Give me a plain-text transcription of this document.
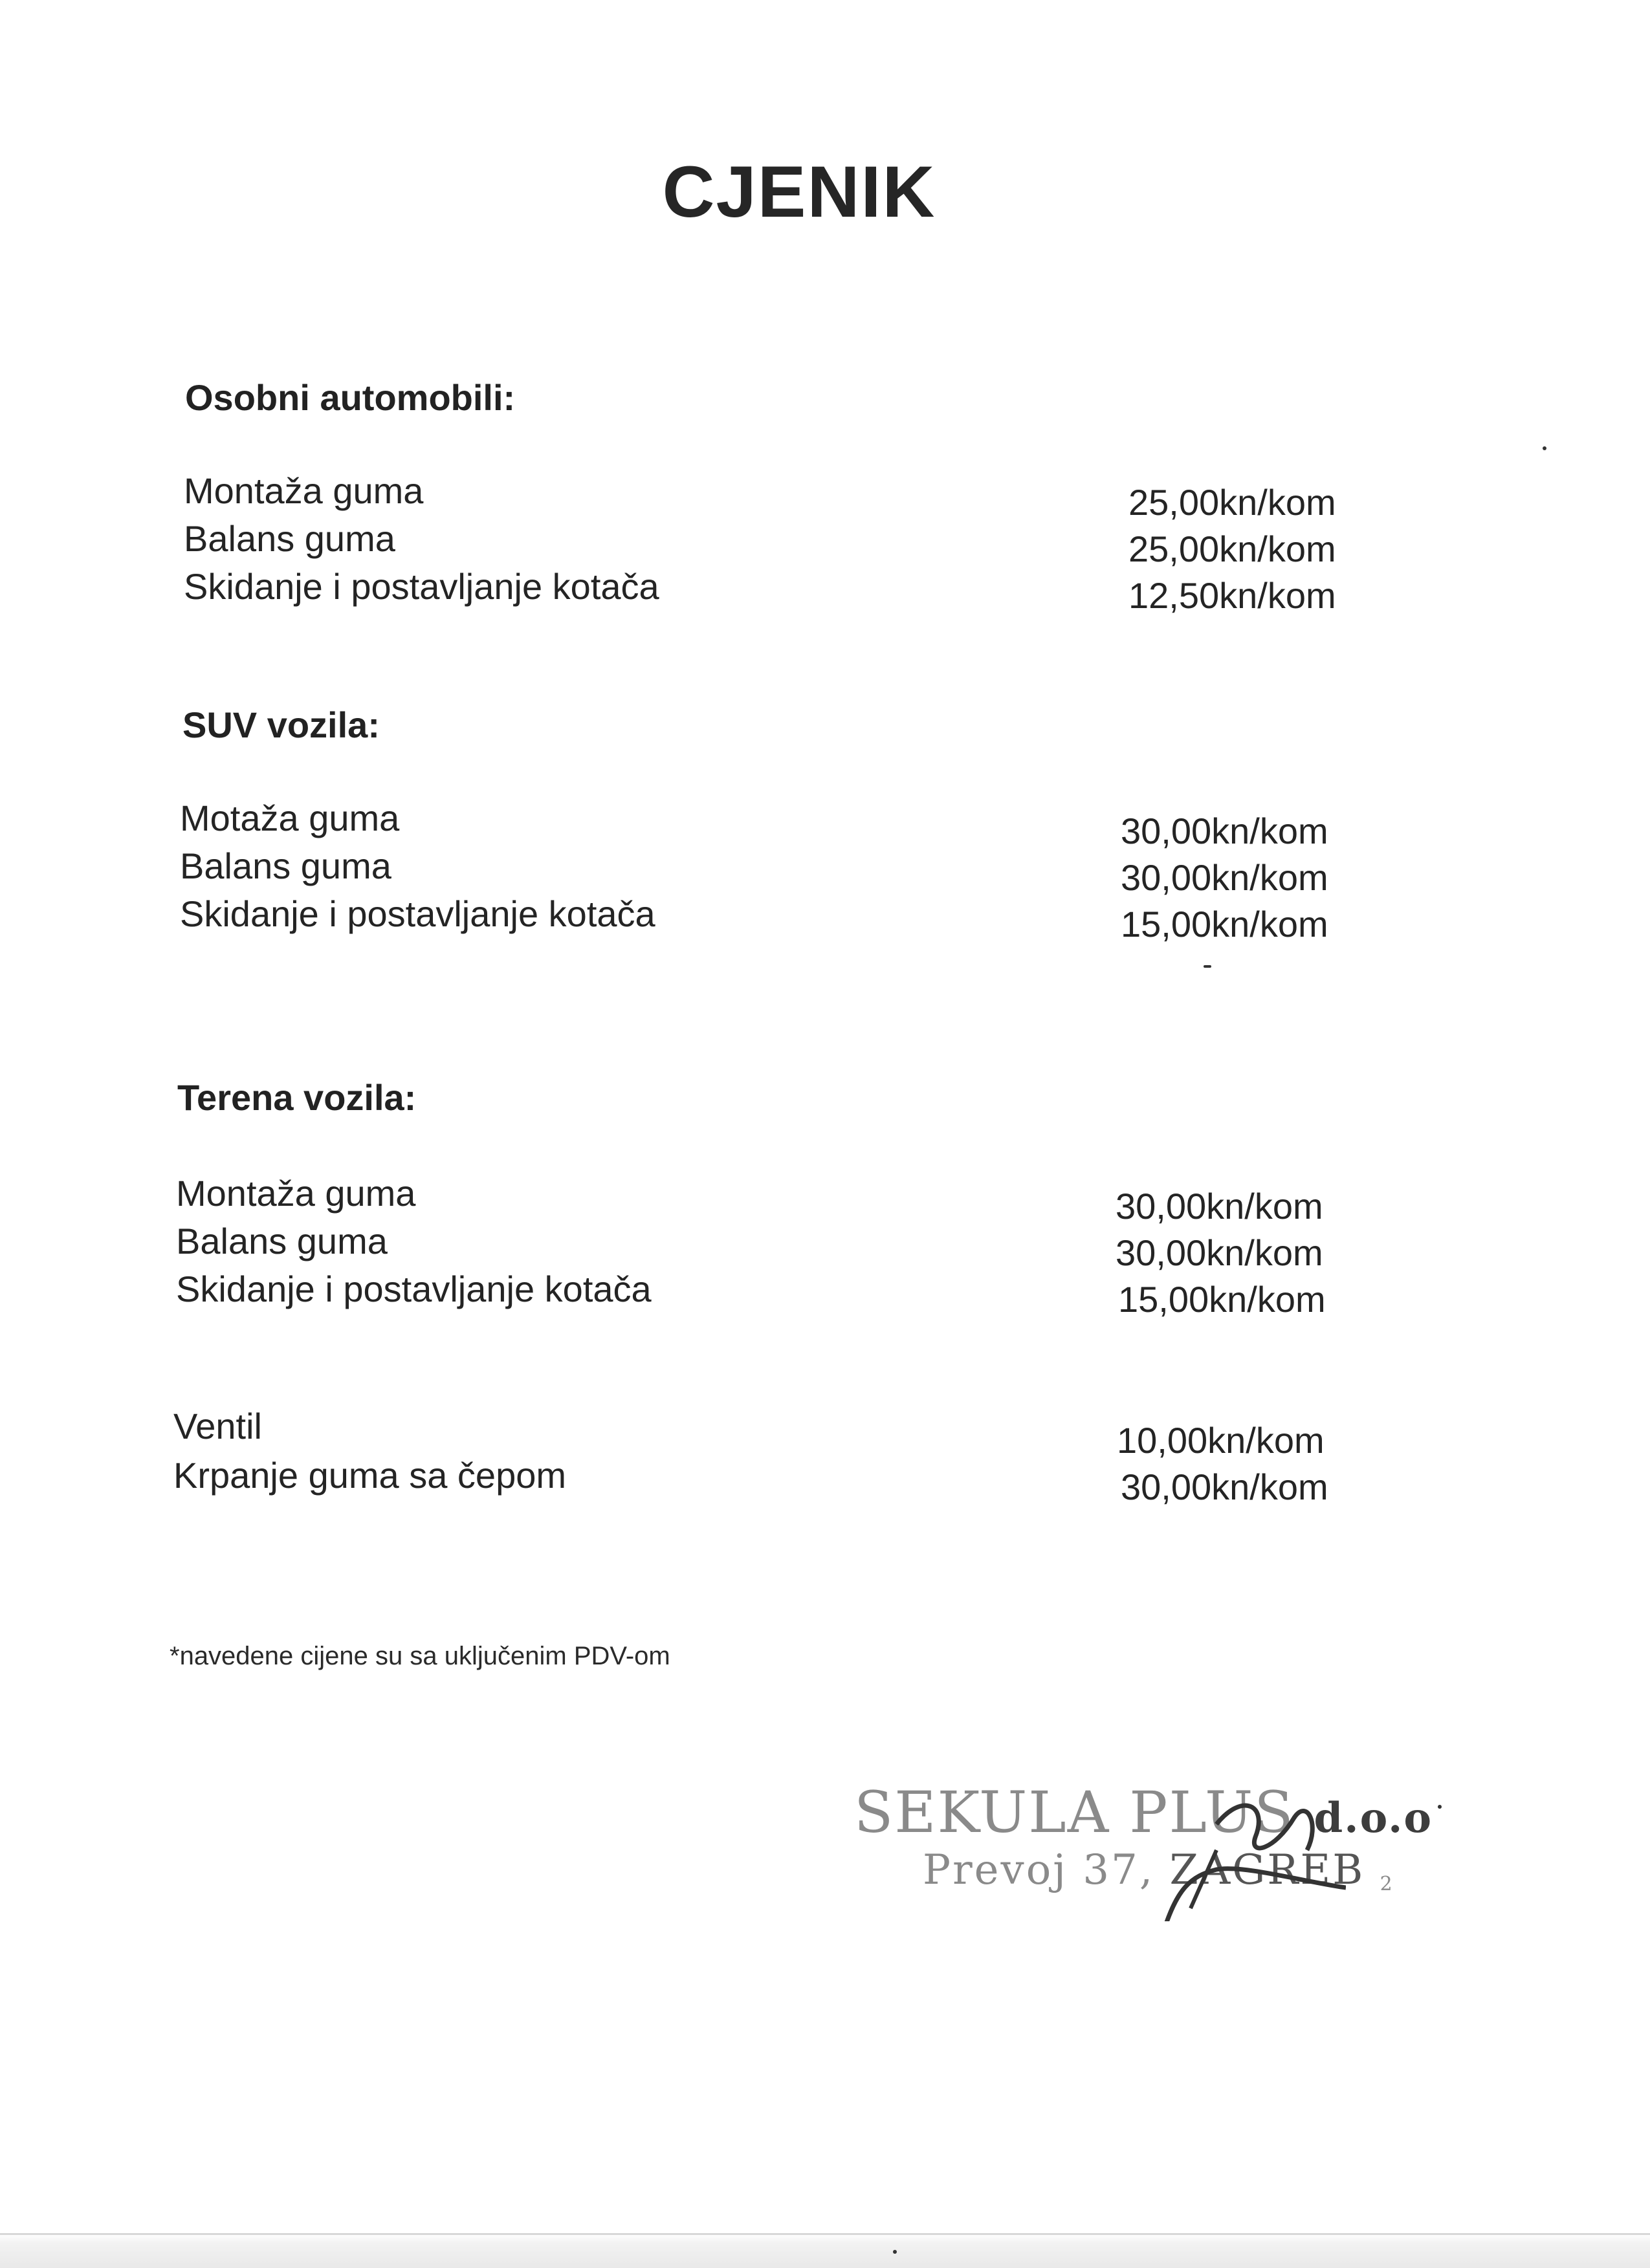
CJENIK
Osobni automobili:
Montaža guma
Balans guma
Skidanje i postavljanje kotača
25,00kn/kom
25,00kn/kom
12,50kn/kom
SUV vozila:
Motaža guma
Balans guma
Skidanje i postavljanje kotača
30,00kn/kom
30,00kn/kom
15,00kn/kom
Terena vozila:
Montaža guma
Balans guma
Skidanje i postavljanje kotača
30,00kn/kom
30,00kn/kom
15,00kn/kom
Ventil
Krpanje guma sa čepom
10,00kn/kom
30,00kn/kom
*navedene cijene su sa uključenim PDV-om
SEKULA PLUS d.o.o
Prevoj 37, ZAGREB 2
